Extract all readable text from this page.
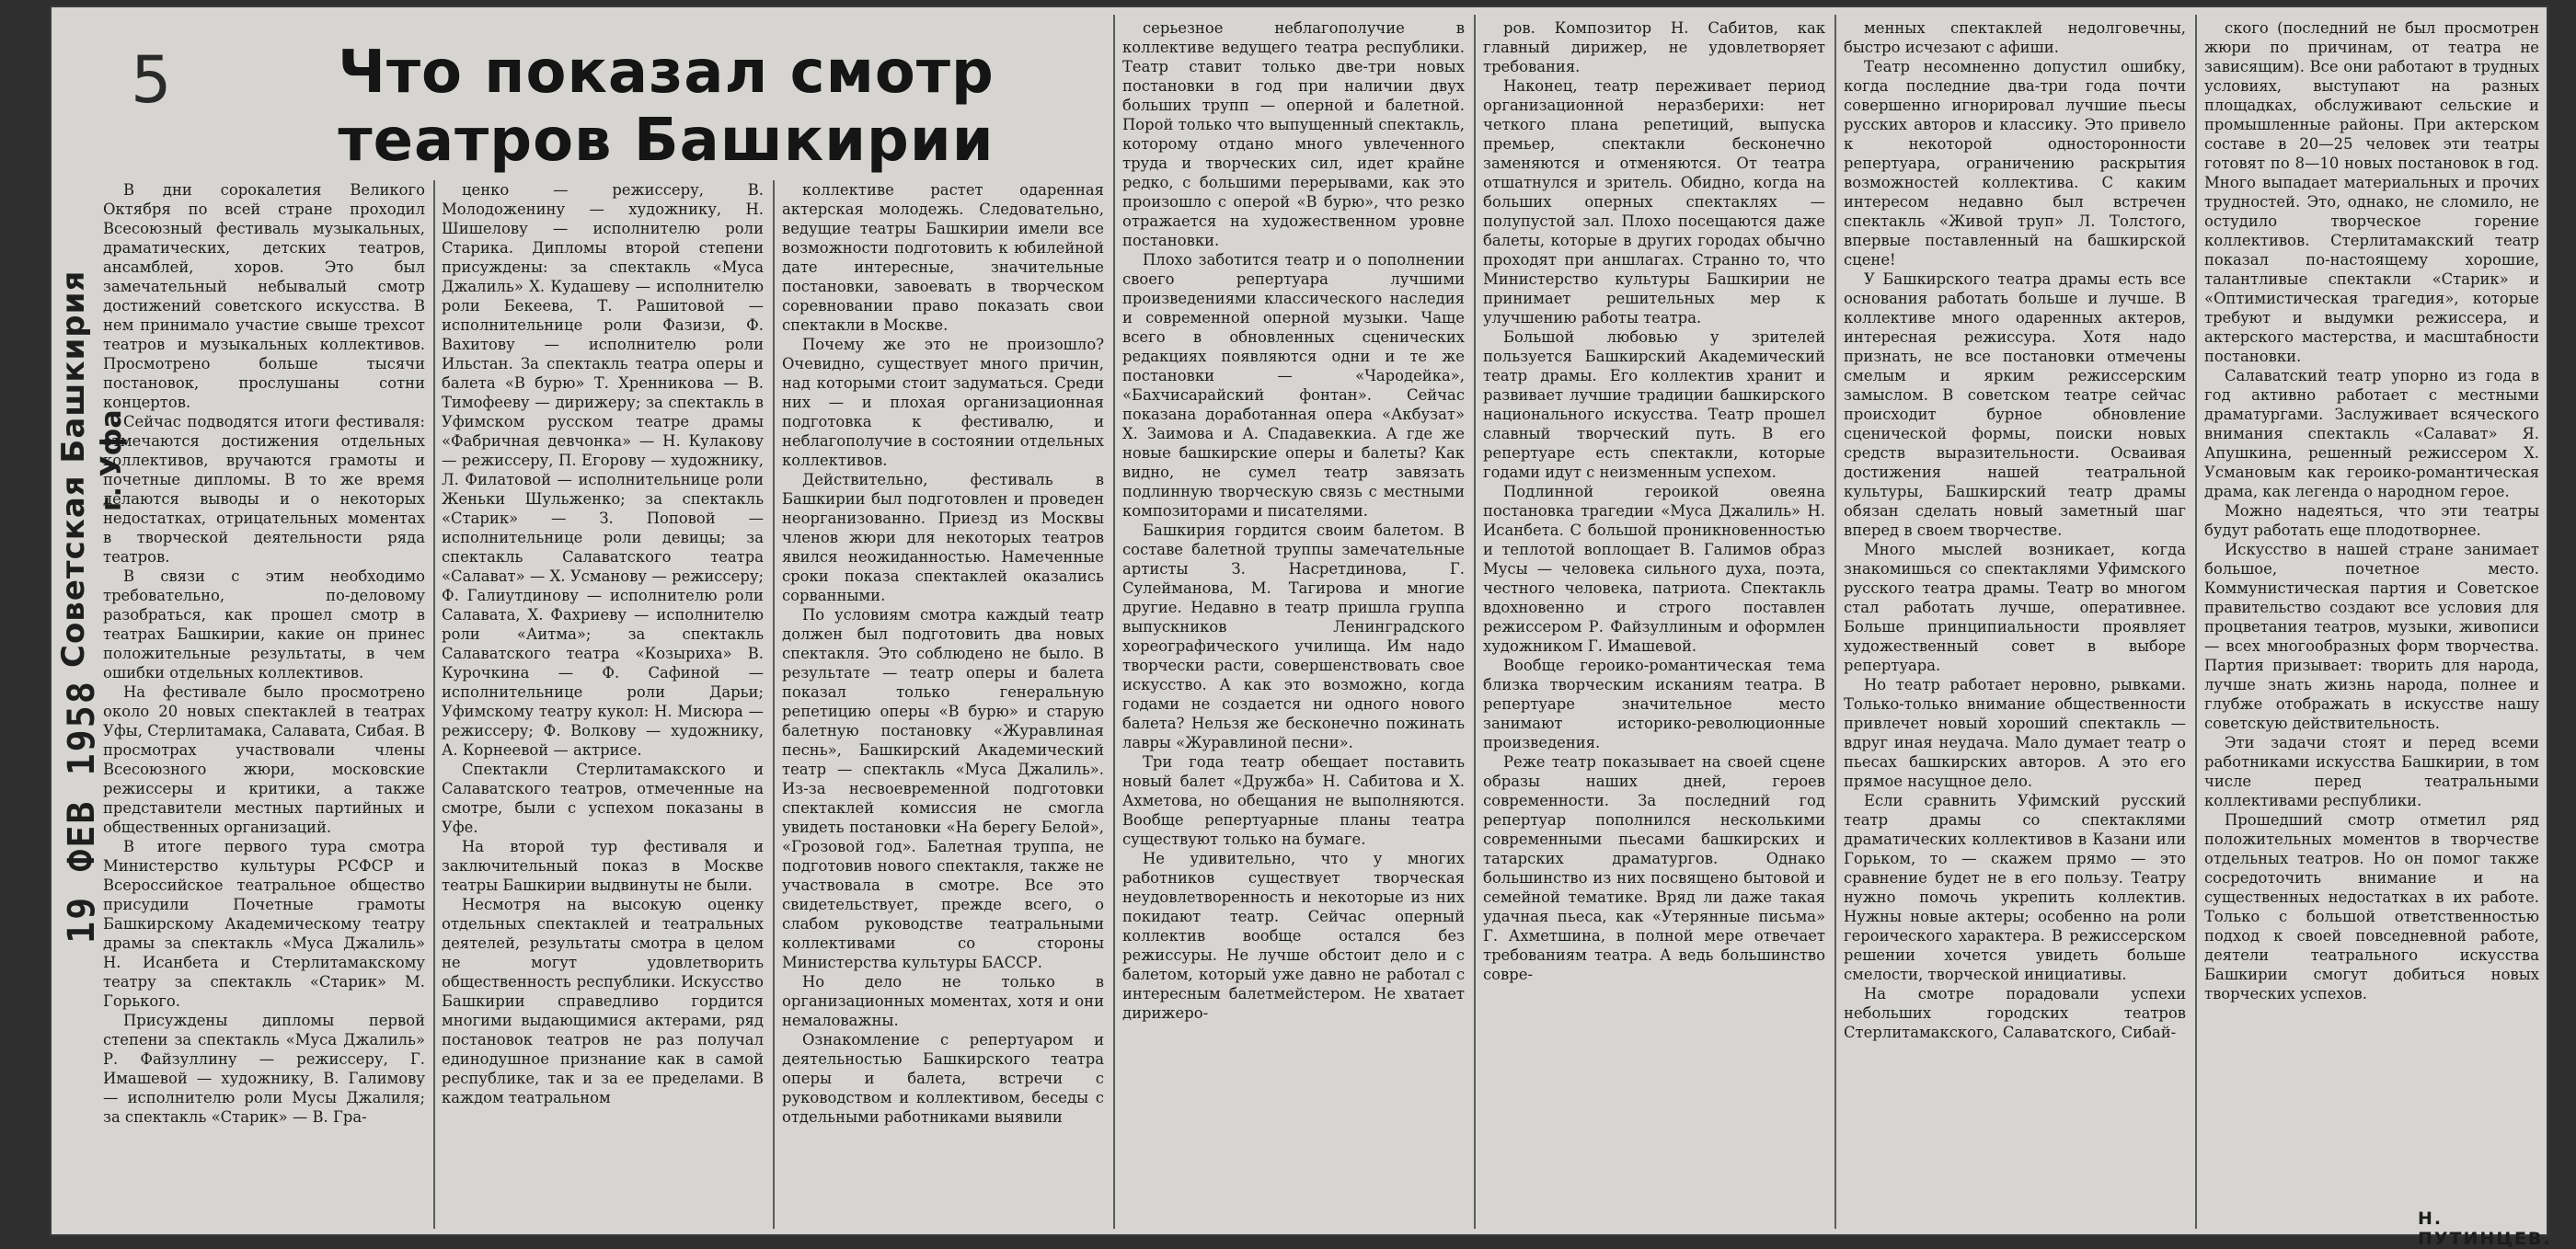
Советская Башкирия г. Уфа
19 ФЕВ 1958
5	Что показал смотр
театров Башкирии

В дни сорокалетия Великого Октября по всей стране проходил Всесоюзный фестиваль музыкальных, драматических, детских театров, ансамблей, хоров. Это был замечательный небывалый смотр достижений советского искусства. В нем принимало участие свыше трехсот театров и музыкальных коллективов. Просмотрено больше тысячи постановок, прослушаны сотни концертов.

Сейчас подводятся итоги фестиваля: отмечаются достижения отдельных коллективов, вручаются грамоты и почетные дипломы. В то же время делаются выводы и о некоторых недостатках, отрицательных моментах в творческой деятельности ряда театров.

В связи с этим необходимо требовательно, по-деловому разобраться, как прошел смотр в театрах Башкирии, какие он принес положительные результаты, в чем ошибки отдельных коллективов.

На фестивале было просмотрено около 20 новых спектаклей в театрах Уфы, Стерлитамака, Салавата, Сибая. В просмотрах участвовали члены Всесоюзного жюри, московские режиссеры и критики, а также представители местных партийных и общественных организаций.

В итоге первого тура смотра Министерство культуры РСФСР и Всероссийское театральное общество присудили Почетные грамоты Башкирскому Академическому театру драмы за спектакль «Муса Джалиль» Н. Исанбета и Стерлитамакскому театру за спектакль «Старик» М. Горького.

Присуждены дипломы первой степени за спектакль «Муса Джалиль» Р. Файзуллину — режиссеру, Г. Имашевой — художнику, В. Галимову — исполнителю роли Мусы Джалиля; за спектакль «Старик» — В. Гра-

ценко — режиссеру, В. Молодоженину — художнику, Н. Шишелову — исполнителю роли Старика. Дипломы второй степени присуждены: за спектакль «Муса Джалиль» Х. Кудашеву — исполнителю роли Бекеева, Т. Рашитовой — исполнительнице роли Фазизи, Ф. Вахитову — исполнителю роли Ильстан. За спектакль театра оперы и балета «В бурю» Т. Хренникова — В. Тимофееву — дирижеру; за спектакль в Уфимском русском театре драмы «Фабричная девчонка» — Н. Кулакову — режиссеру, П. Егорову — художнику, Л. Филатовой — исполнительнице роли Женьки Шульженко; за спектакль «Старик» — З. Поповой — исполнительнице роли девицы; за спектакль Салаватского театра «Салават» — Х. Усманову — режиссеру; Ф. Галиутдинову — исполнителю роли Салавата, Х. Фахриеву — исполнителю роли «Аитма»; за спектакль Салаватского театра «Козыриха» В. Курочкина — Ф. Сафиной — исполнительнице роли Дарьи; Уфимскому театру кукол: Н. Мисюра — режиссеру; Ф. Волкову — художнику, А. Корнеевой — актрисе.

Спектакли Стерлитамакского и Салаватского театров, отмеченные на смотре, были с успехом показаны в Уфе.

На второй тур фестиваля и заключительный показ в Москве театры Башкирии выдвинуты не были.

Несмотря на высокую оценку отдельных спектаклей и театральных деятелей, результаты смотра в целом не могут удовлетворить общественность республики. Искусство Башкирии справедливо гордится многими выдающимися актерами, ряд постановок театров не раз получал единодушное признание как в самой республике, так и за ее пределами. В каждом театральном

коллективе растет одаренная актерская молодежь. Следовательно, ведущие театры Башкирии имели все возможности подготовить к юбилейной дате интересные, значительные постановки, завоевать в творческом соревновании право показать свои спектакли в Москве.

Почему же это не произошло? Очевидно, существует много причин, над которыми стоит задуматься. Среди них — и плохая организационная подготовка к фестивалю, и неблагополучие в состоянии отдельных коллективов.

Действительно, фестиваль в Башкирии был подготовлен и проведен неорганизованно. Приезд из Москвы членов жюри для некоторых театров явился неожиданностью. Намеченные сроки показа спектаклей оказались сорванными.

По условиям смотра каждый театр должен был подготовить два новых спектакля. Это соблюдено не было. В результате — театр оперы и балета показал только генеральную репетицию оперы «В бурю» и старую балетную постановку «Журавлиная песнь», Башкирский Академический театр — спектакль «Муса Джалиль». Из-за несвоевременной подготовки спектаклей комиссия не смогла увидеть постановки «На берегу Белой», «Грозовой год». Балетная труппа, не подготовив нового спектакля, также не участвовала в смотре. Все это свидетельствует, прежде всего, о слабом руководстве театральными коллективами со стороны Министерства культуры БАССР.

Но дело не только в организационных моментах, хотя и они немаловажны.

Ознакомление с репертуаром и деятельностью Башкирского театра оперы и балета, встречи с руководством и коллективом, беседы с отдельными работниками выявили

серьезное неблагополучие в коллективе ведущего театра республики. Театр ставит только две-три новых постановки в год при наличии двух больших трупп — оперной и балетной. Порой только что выпущенный спектакль, которому отдано много увлеченного труда и творческих сил, идет крайне редко, с большими перерывами, как это произошло с оперой «В бурю», что резко отражается на художественном уровне постановки.

Плохо заботится театр и о пополнении своего репертуара лучшими произведениями классического наследия и современной оперной музыки. Чаще всего в обновленных сценических редакциях появляются одни и те же постановки — «Чародейка», «Бахчисарайский фонтан». Сейчас показана доработанная опера «Акбузат» Х. Заимова и А. Спадавеккиа. А где же новые башкирские оперы и балеты? Как видно, не сумел театр завязать подлинную творческую связь с местными композиторами и писателями.

Башкирия гордится своим балетом. В составе балетной труппы замечательные артисты З. Насретдинова, Г. Сулейманова, М. Тагирова и многие другие. Недавно в театр пришла группа выпускников Ленинградского хореографического училища. Им надо творчески расти, совершенствовать свое искусство. А как это возможно, когда годами не создается ни одного нового балета? Нельзя же бесконечно пожинать лавры «Журавлиной песни».

Три года театр обещает поставить новый балет «Дружба» Н. Сабитова и Х. Ахметова, но обещания не выполняются. Вообще репертуарные планы театра существуют только на бумаге.

Не удивительно, что у многих работников существует творческая неудовлетворенность и некоторые из них покидают театр. Сейчас оперный коллектив вообще остался без режиссуры. Не лучше обстоит дело и с балетом, который уже давно не работал с интересным балетмейстером. Не хватает дирижеро-

ров. Композитор Н. Сабитов, как главный дирижер, не удовлетворяет требования.

Наконец, театр переживает период организационной неразберихи: нет четкого плана репетиций, выпуска премьер, спектакли бесконечно заменяются и отменяются. От театра отшатнулся и зритель. Обидно, когда на больших оперных спектаклях — полупустой зал. Плохо посещаются даже балеты, которые в других городах обычно проходят при аншлагах. Странно то, что Министерство культуры Башкирии не принимает решительных мер к улучшению работы театра.

Большой любовью у зрителей пользуется Башкирский Академический театр драмы. Его коллектив хранит и развивает лучшие традиции башкирского национального искусства. Театр прошел славный творческий путь. В его репертуаре есть спектакли, которые годами идут с неизменным успехом.

Подлинной героикой овеяна постановка трагедии «Муса Джалиль» Н. Исанбета. С большой проникновенностью и теплотой воплощает В. Галимов образ Мусы — человека сильного духа, поэта, честного человека, патриота. Спектакль вдохновенно и строго поставлен режиссером Р. Файзуллиным и оформлен художником Г. Имашевой.

Вообще героико-романтическая тема близка творческим исканиям театра. В репертуаре значительное место занимают историко-революционные произведения.

Реже театр показывает на своей сцене образы наших дней, героев современности. За последний год репертуар пополнился несколькими современными пьесами башкирских и татарских драматургов. Однако большинство из них посвящено бытовой и семейной тематике. Вряд ли даже такая удачная пьеса, как «Утерянные письма» Г. Ахметшина, в полной мере отвечает требованиям театра. А ведь большинство совре-

менных спектаклей недолговечны, быстро исчезают с афиши.

Театр несомненно допустил ошибку, когда последние два-три года почти совершенно игнорировал лучшие пьесы русских авторов и классику. Это привело к некоторой односторонности репертуара, ограничению раскрытия возможностей коллектива. С каким интересом недавно был встречен спектакль «Живой труп» Л. Толстого, впервые поставленный на башкирской сцене!

У Башкирского театра драмы есть все основания работать больше и лучше. В коллективе много одаренных актеров, интересная режиссура. Хотя надо признать, не все постановки отмечены смелым и ярким режиссерским замыслом. В советском театре сейчас происходит бурное обновление сценической формы, поиски новых средств выразительности. Осваивая достижения нашей театральной культуры, Башкирский театр драмы обязан сделать новый заметный шаг вперед в своем творчестве.

Много мыслей возникает, когда знакомишься со спектаклями Уфимского русского театра драмы. Театр во многом стал работать лучше, оперативнее. Больше принципиальности проявляет художественный совет в выборе репертуара.

Но театр работает неровно, рывками. Только-только внимание общественности привлечет новый хороший спектакль — вдруг иная неудача. Мало думает театр о пьесах башкирских авторов. А это его прямое насущное дело.

Если сравнить Уфимский русский театр драмы со спектаклями драматических коллективов в Казани или Горьком, то — скажем прямо — это сравнение будет не в его пользу. Театру нужно помочь укрепить коллектив. Нужны новые актеры; особенно на роли героического характера. В режиссерском решении хочется увидеть больше смелости, творческой инициативы.

На смотре порадовали успехи небольших городских театров Стерлитамакского, Салаватского, Сибай-

ского (последний не был просмотрен жюри по причинам, от театра не зависящим). Все они работают в трудных условиях, выступают на разных площадках, обслуживают сельские и промышленные районы. При актерском составе в 20—25 человек эти театры готовят по 8—10 новых постановок в год. Много выпадает материальных и прочих трудностей. Это, однако, не сломило, не остудило творческое горение коллективов. Стерлитамакский театр показал по-настоящему хорошие, талантливые спектакли «Старик» и «Оптимистическая трагедия», которые требуют и выдумки режиссера, и актерского мастерства, и масштабности постановки.

Салаватский театр упорно из года в год активно работает с местными драматургами. Заслуживает всяческого внимания спектакль «Салават» Я. Апушкина, решенный режиссером Х. Усмановым как героико-романтическая драма, как легенда о народном герое.

Можно надеяться, что эти театры будут работать еще плодотворнее.

Искусство в нашей стране занимает большое, почетное место. Коммунистическая партия и Советское правительство создают все условия для процветания театров, музыки, живописи — всех многообразных форм творчества. Партия призывает: творить для народа, лучше знать жизнь народа, полнее и глубже отображать в искусстве нашу советскую действительность.

Эти задачи стоят и перед всеми работниками искусства Башкирии, в том числе перед театральными коллективами республики.

Прошедший смотр отметил ряд положительных моментов в творчестве отдельных театров. Но он помог также сосредоточить внимание и на существенных недостатках в их работе. Только с большой ответственностью подход к своей повседневной работе, деятели театрального искусства Башкирии смогут добиться новых творческих успехов.

Н. ПУТИНЦЕВ.
